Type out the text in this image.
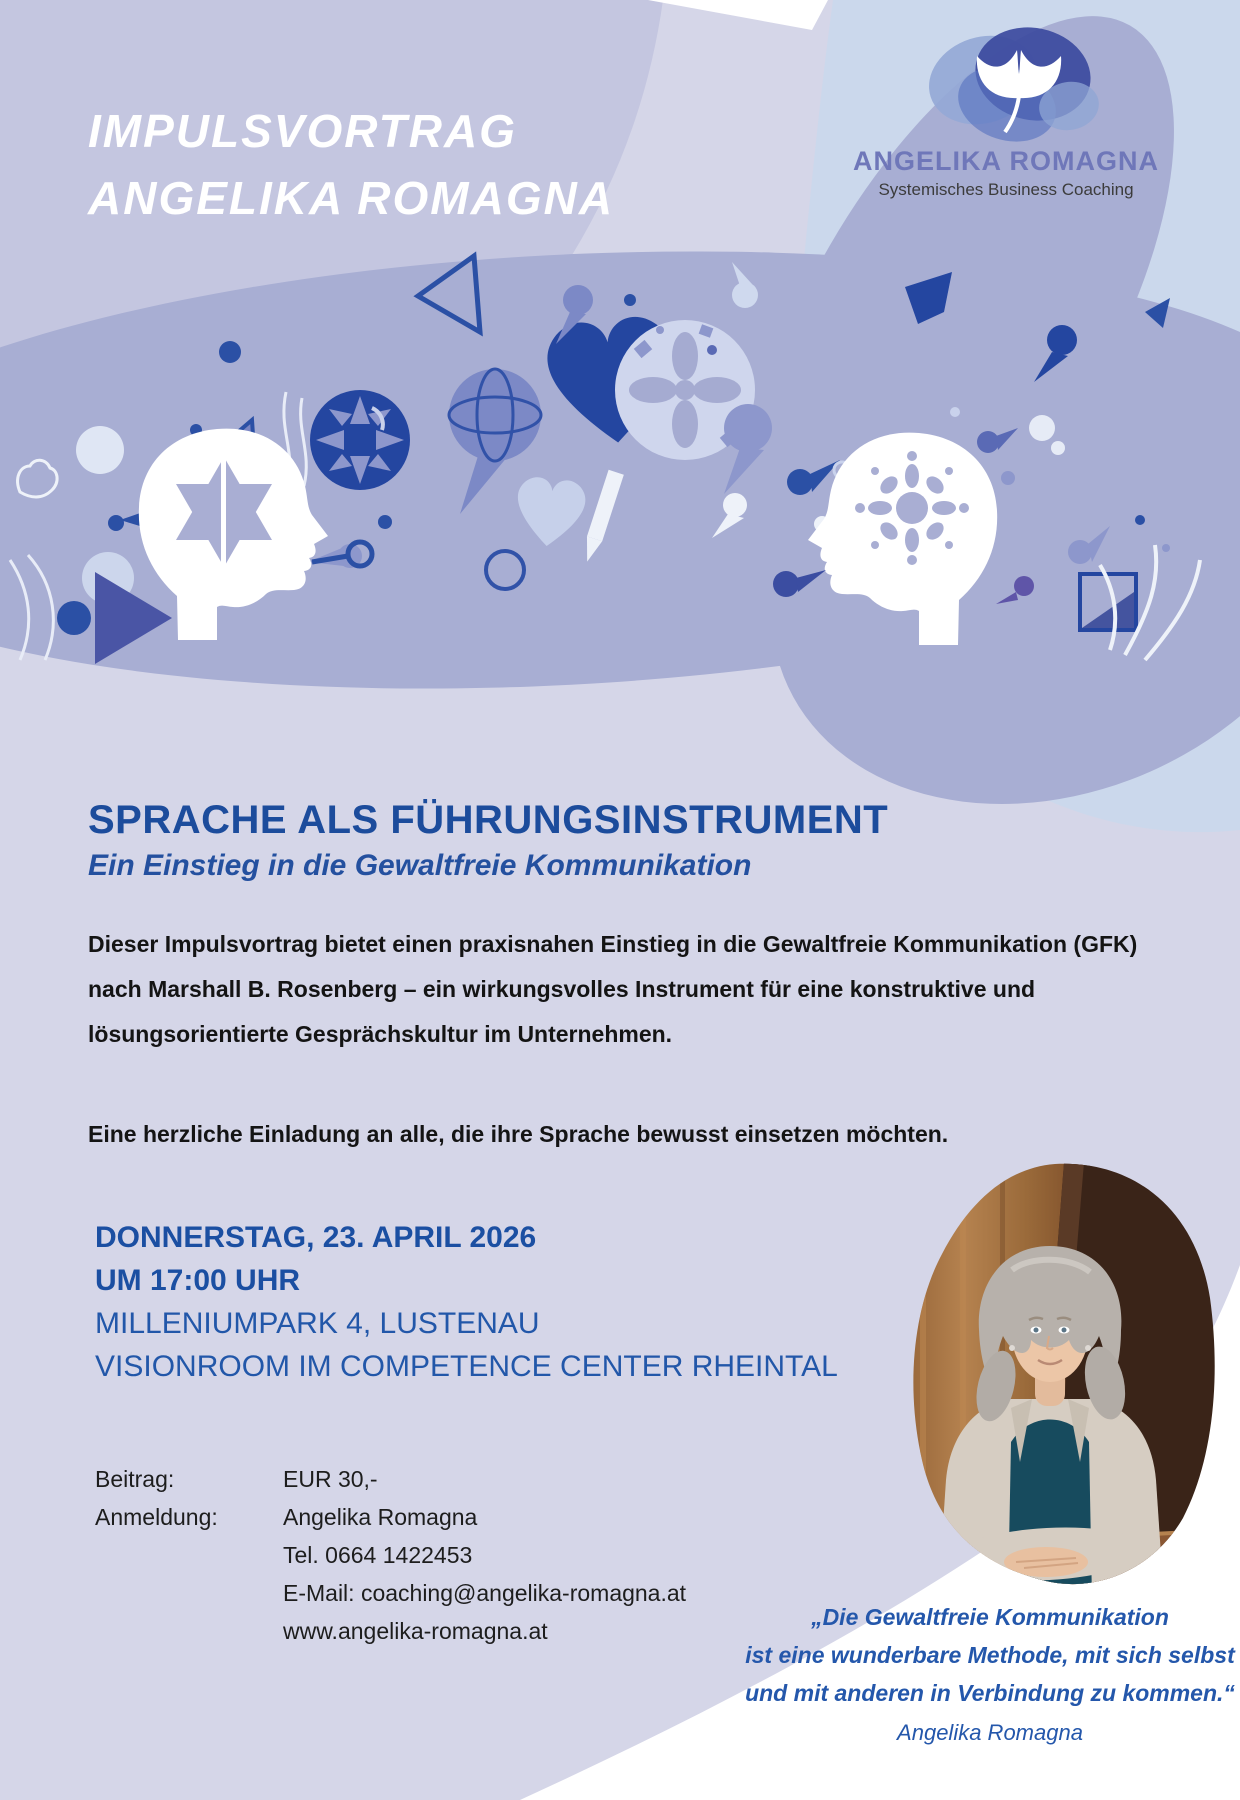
IMPULSVORTRAG
ANGELIKA ROMAGNA
ANGELIKA ROMAGNA
Systemisches Business Coaching
SPRACHE ALS FÜHRUNGSINSTRUMENT
Ein Einstieg in die Gewaltfreie Kommunikation
Dieser Impulsvortrag bietet einen praxisnahen Einstieg in die Gewaltfreie Kommunikation (GFK)
nach Marshall B. Rosenberg – ein wirkungsvolles Instrument für eine konstruktive und
lösungsorientierte Gesprächskultur im Unternehmen.
Eine herzliche Einladung an alle, die ihre Sprache bewusst einsetzen möchten.
DONNERSTAG, 23. APRIL 2026
UM 17:00 UHR
MILLENIUMPARK 4, LUSTENAU
VISIONROOM IM COMPETENCE CENTER RHEINTAL
Beitrag:	EUR 30,-
Anmeldung:	Angelika Romagna
Tel. 0664 1422453
E-Mail: coaching@angelika-romagna.at
www.angelika-romagna.at
„Die Gewaltfreie Kommunikation
ist eine wunderbare Methode, mit sich selbst
und mit anderen in Verbindung zu kommen.“
Angelika Romagna
